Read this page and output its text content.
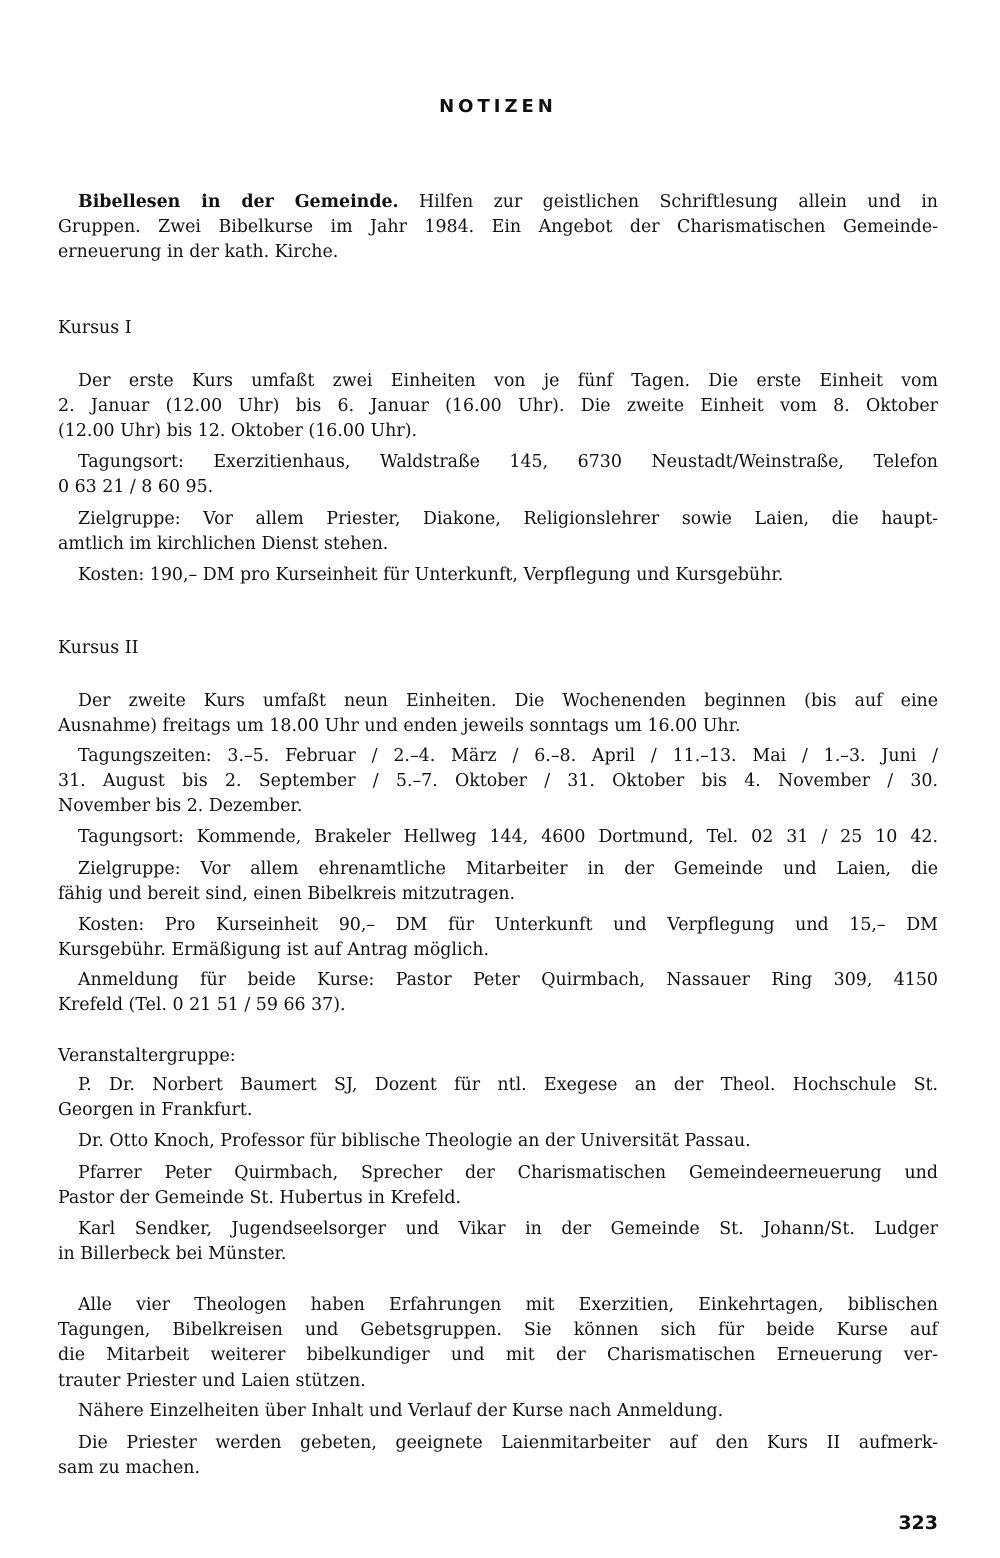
NOTIZEN
Bibellesen in der Gemeinde. Hilfen zur geistlichen Schriftlesung allein und in
Gruppen. Zwei Bibelkurse im Jahr 1984. Ein Angebot der Charismatischen Gemeinde-
erneuerung in der kath. Kirche.
Kursus I
Der erste Kurs umfaßt zwei Einheiten von je fünf Tagen. Die erste Einheit vom
2. Januar (12.00 Uhr) bis 6. Januar (16.00 Uhr). Die zweite Einheit vom 8. Oktober
(12.00 Uhr) bis 12. Oktober (16.00 Uhr).
Tagungsort: Exerzitienhaus, Waldstraße 145, 6730 Neustadt/Weinstraße, Telefon
0 63 21 / 8 60 95.
Zielgruppe: Vor allem Priester, Diakone, Religionslehrer sowie Laien, die haupt-
amtlich im kirchlichen Dienst stehen.
Kosten: 190,– DM pro Kurseinheit für Unterkunft, Verpflegung und Kursgebühr.
Kursus II
Der zweite Kurs umfaßt neun Einheiten. Die Wochenenden beginnen (bis auf eine
Ausnahme) freitags um 18.00 Uhr und enden jeweils sonntags um 16.00 Uhr.
Tagungszeiten: 3.–5. Februar / 2.–4. März / 6.–8. April / 11.–13. Mai / 1.–3. Juni /
31. August bis 2. September / 5.–7. Oktober / 31. Oktober bis 4. November / 30.
November bis 2. Dezember.
Tagungsort: Kommende, Brakeler Hellweg 144, 4600 Dortmund, Tel. 02 31 / 25 10 42.
Zielgruppe: Vor allem ehrenamtliche Mitarbeiter in der Gemeinde und Laien, die
fähig und bereit sind, einen Bibelkreis mitzutragen.
Kosten: Pro Kurseinheit 90,– DM für Unterkunft und Verpflegung und 15,– DM
Kursgebühr. Ermäßigung ist auf Antrag möglich.
Anmeldung für beide Kurse: Pastor Peter Quirmbach, Nassauer Ring 309, 4150
Krefeld (Tel. 0 21 51 / 59 66 37).
Veranstaltergruppe:
P. Dr. Norbert Baumert SJ, Dozent für ntl. Exegese an der Theol. Hochschule St.
Georgen in Frankfurt.
Dr. Otto Knoch, Professor für biblische Theologie an der Universität Passau.
Pfarrer Peter Quirmbach, Sprecher der Charismatischen Gemeindeerneuerung und
Pastor der Gemeinde St. Hubertus in Krefeld.
Karl Sendker, Jugendseelsorger und Vikar in der Gemeinde St. Johann/St. Ludger
in Billerbeck bei Münster.
Alle vier Theologen haben Erfahrungen mit Exerzitien, Einkehrtagen, biblischen
Tagungen, Bibelkreisen und Gebetsgruppen. Sie können sich für beide Kurse auf
die Mitarbeit weiterer bibelkundiger und mit der Charismatischen Erneuerung ver-
trauter Priester und Laien stützen.
Nähere Einzelheiten über Inhalt und Verlauf der Kurse nach Anmeldung.
Die Priester werden gebeten, geeignete Laienmitarbeiter auf den Kurs II aufmerk-
sam zu machen.
323
